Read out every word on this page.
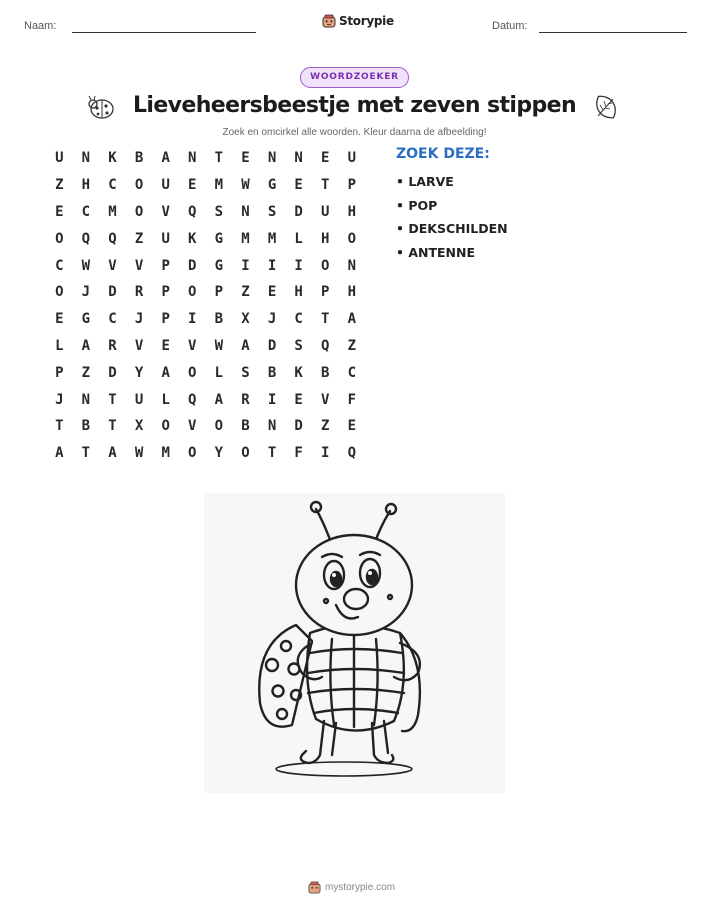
Naam:	Storypie	Datum:
WOORDZOEKER
Lieveheersbeestje met zeven stippen
Zoek en omcirkel alle woorden. Kleur daarna de afbeelding!
U	N	K	B	A	N	T	E	N	N	E	U
Z	H	C	O	U	E	M	W	G	E	T	P
E	C	M	O	V	Q	S	N	S	D	U	H
O	Q	Q	Z	U	K	G	M	M	L	H	O
C	W	V	V	P	D	G	I	I	I	O	N
O	J	D	R	P	O	P	Z	E	H	P	H
E	G	C	J	P	I	B	X	J	C	T	A
L	A	R	V	E	V	W	A	D	S	Q	Z
P	Z	D	Y	A	O	L	S	B	K	B	C
J	N	T	U	L	Q	A	R	I	E	V	F
T	B	T	X	O	V	O	B	N	D	Z	E
A	T	A	W	M	O	Y	O	T	F	I	Q
ZOEK DEZE:
• LARVE
• POP
• DEKSCHILDEN
• ANTENNE
mystorypie.com
